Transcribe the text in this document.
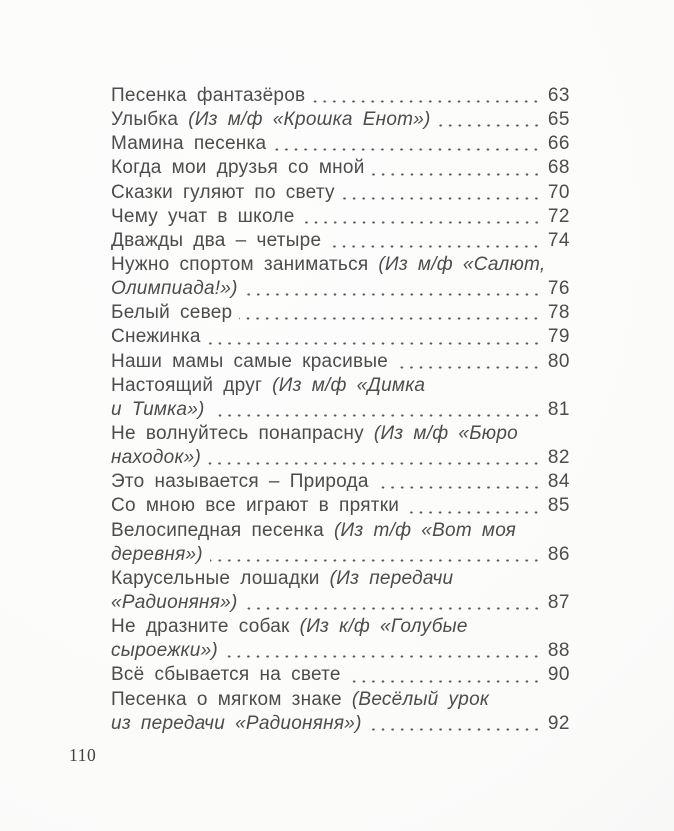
Песенка фантазёров	63
Улыбка (Из м/ф «Крошка Енот»)	65
Мамина песенка	66
Когда мои друзья со мной	68
Сказки гуляют по свету	70
Чему учат в школе	72
Дважды два – четыре	74
Нужно спортом заниматься (Из м/ф «Салют,
Олимпиада!»)	76
Белый север	78
Снежинка	79
Наши мамы самые красивые	80
Настоящий друг (Из м/ф «Димка
и Тимка»)	81
Не волнуйтесь понапрасну (Из м/ф «Бюро
находок»)	82
Это называется – Природа	84
Со мною все играют в прятки	85
Велосипедная песенка (Из т/ф «Вот моя
деревня»)	86
Карусельные лошадки (Из передачи
«Радионяня»)	87
Не дразните собак (Из к/ф «Голубые
сыроежки»)	88
Всё сбывается на свете	90
Песенка о мягком знаке (Весёлый урок
из передачи «Радионяня»)	92
110
